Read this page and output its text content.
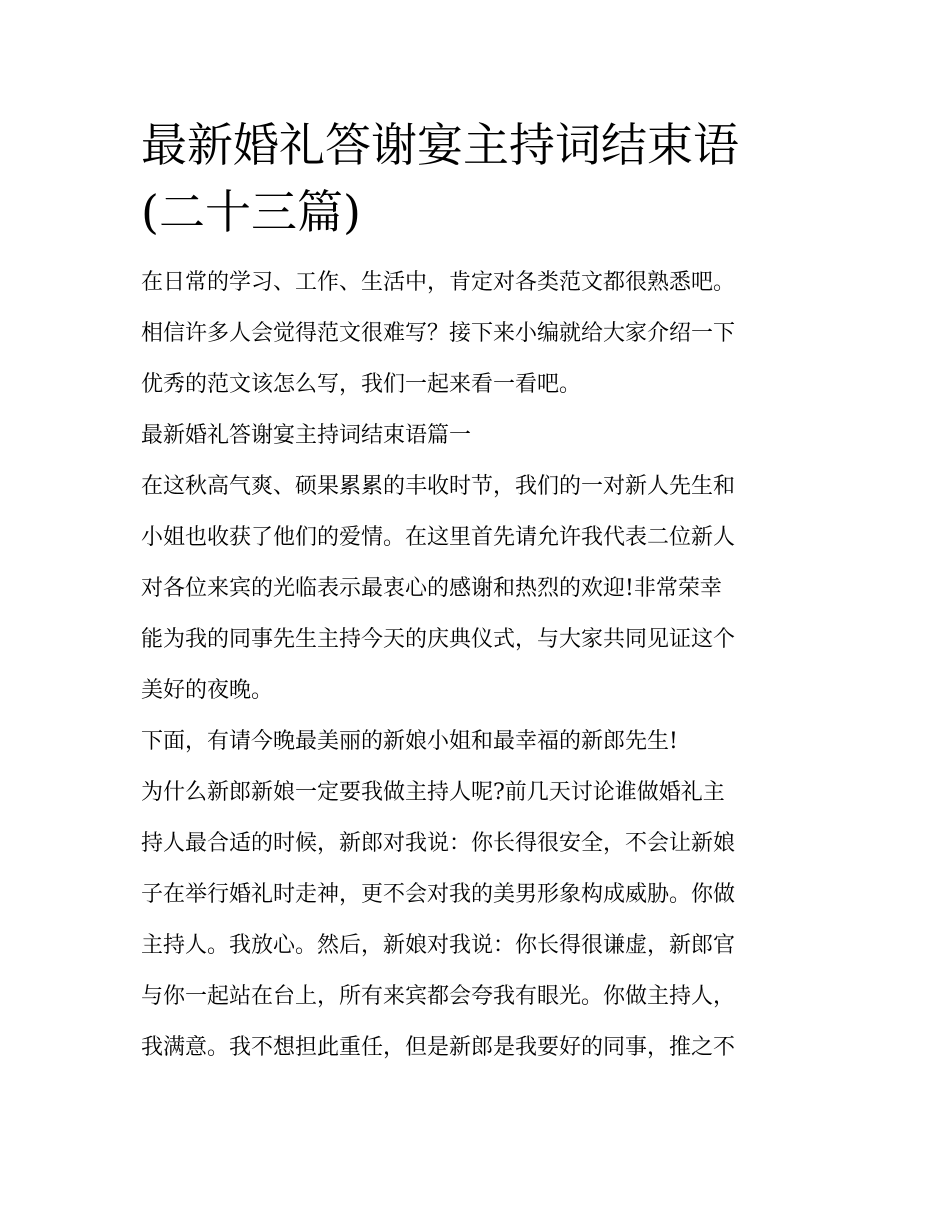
最新婚礼答谢宴主持词结束语
(二十三篇)
在日常的学习、工作、生活中，肯定对各类范文都很熟悉吧。
相信许多人会觉得范文很难写？接下来小编就给大家介绍一下
优秀的范文该怎么写，我们一起来看一看吧。
最新婚礼答谢宴主持词结束语篇一
在这秋高气爽、硕果累累的丰收时节，我们的一对新人先生和
小姐也收获了他们的爱情。在这里首先请允许我代表二位新人
对各位来宾的光临表示最衷心的感谢和热烈的欢迎!非常荣幸
能为我的同事先生主持今天的庆典仪式，与大家共同见证这个
美好的夜晚。
下面，有请今晚最美丽的新娘小姐和最幸福的新郎先生!
为什么新郎新娘一定要我做主持人呢?前几天讨论谁做婚礼主
持人最合适的时候，新郎对我说：你长得很安全，不会让新娘
子在举行婚礼时走神，更不会对我的美男形象构成威胁。你做
主持人。我放心。然后，新娘对我说：你长得很谦虚，新郎官
与你一起站在台上，所有来宾都会夸我有眼光。你做主持人，
我满意。我不想担此重任，但是新郎是我要好的同事，推之不
